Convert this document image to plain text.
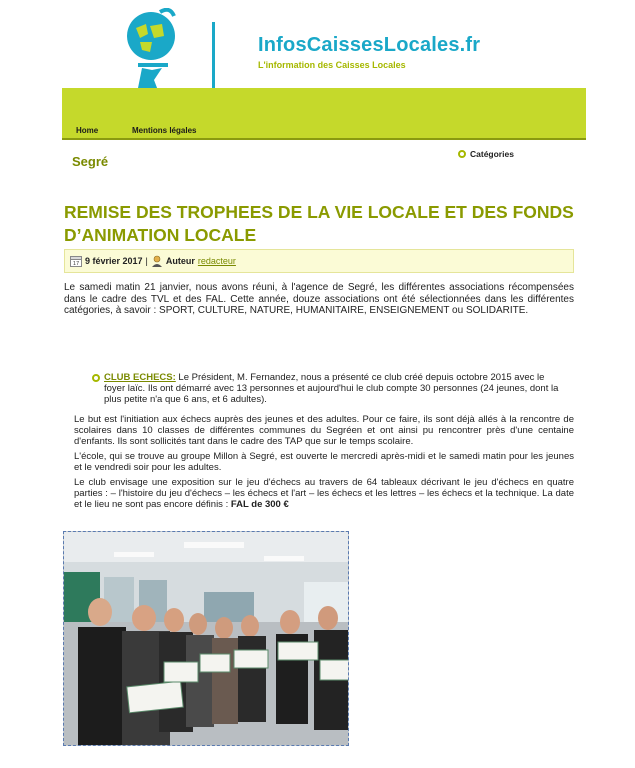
InfosCaissesLocales.fr
L'information des Caisses Locales
Home	Mentions légales
Segré	Catégories
REMISE DES TROPHEES DE LA VIE LOCALE ET DES FONDS D’ANIMATION LOCALE
17 9 février 2017 | Auteur redacteur

Le samedi matin 21 janvier, nous avons réuni, à l'agence de Segré, les différentes associations récompensées dans le cadre des TVL et des FAL. Cette année, douze associations ont été sélectionnées dans les différentes catégories, à savoir : SPORT, CULTURE, NATURE, HUMANITAIRE, ENSEIGNEMENT ou SOLIDARITE.

CLUB ECHECS: Le Président, M. Fernandez, nous a présenté ce club créé depuis octobre 2015 avec le foyer laïc. Ils ont démarré avec 13 personnes et aujourd'hui le club compte 30 personnes (24 jeunes, dont la plus petite n'a que 6 ans, et 6 adultes).

Le but est l'initiation aux échecs auprès des jeunes et des adultes. Pour ce faire, ils sont déjà allés à la rencontre de scolaires dans 10 classes de différentes communes du Segréen et ont ainsi pu rencontrer près d'une centaine d'enfants. Ils sont sollicités tant dans le cadre des TAP que sur le temps scolaire.

L'école, qui se trouve au groupe Millon à Segré, est ouverte le mercredi après-midi et le samedi matin pour les jeunes et le vendredi soir pour les adultes.

Le club envisage une exposition sur le jeu d'échecs au travers de 64 tableaux décrivant le jeu d'échecs en quatre parties : – l'histoire du jeu d'échecs – les échecs et l'art – les échecs et les lettres – les échecs et la technique. La date et le lieu ne sont pas encore définis : FAL de 300 €
